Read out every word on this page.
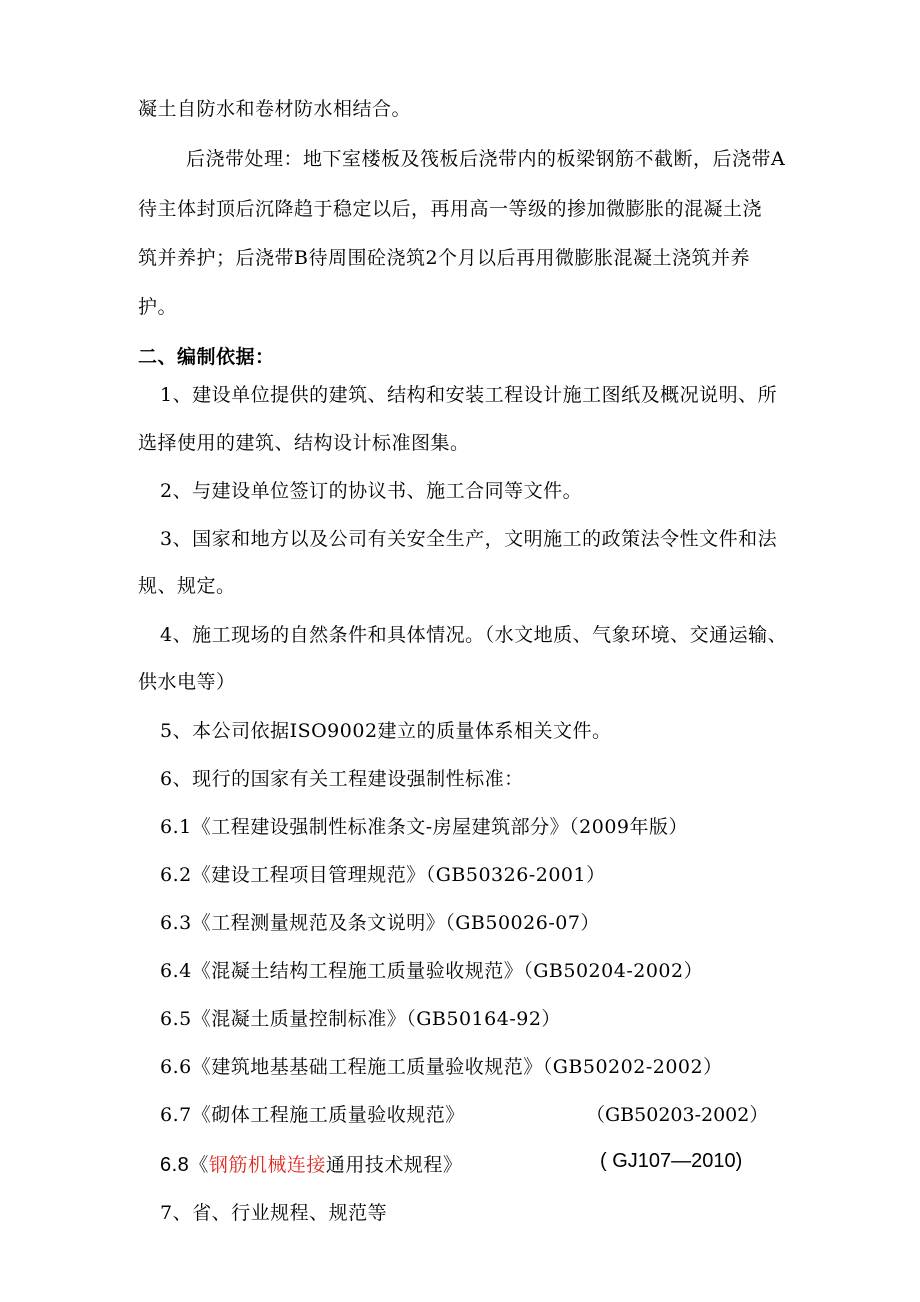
凝土自防水和卷材防水相结合。
后浇带处理：地下室楼板及筏板后浇带内的板梁钢筋不截断，后浇带A
待主体封顶后沉降趋于稳定以后，再用高一等级的掺加微膨胀的混凝土浇
筑并养护；后浇带B待周围砼浇筑2个月以后再用微膨胀混凝土浇筑并养
护。
二、编制依据：
1、建设单位提供的建筑、结构和安装工程设计施工图纸及概况说明、所
选择使用的建筑、结构设计标准图集。
2、与建设单位签订的协议书、施工合同等文件。
3、国家和地方以及公司有关安全生产，文明施工的政策法令性文件和法
规、规定。
4、施工现场的自然条件和具体情况。（水文地质、气象环境、交通运输、
供水电等）
5、本公司依据ISO9002建立的质量体系相关文件。
6、现行的国家有关工程建设强制性标准：
6.1《工程建设强制性标准条文-房屋建筑部分》（2009年版）
6.2《建设工程项目管理规范》（GB50326-2001）
6.3《工程测量规范及条文说明》（GB50026-07）
6.4《混凝土结构工程施工质量验收规范》（GB50204-2002）
6.5《混凝土质量控制标准》（GB50164-92）
6.6《建筑地基基础工程施工质量验收规范》（GB50202-2002）
6.7《砌体工程施工质量验收规范》	（GB50203-2002）
6.8《钢筋机械连接通用技术规程》	( GJ107—2010)
7、省、行业规程、规范等
